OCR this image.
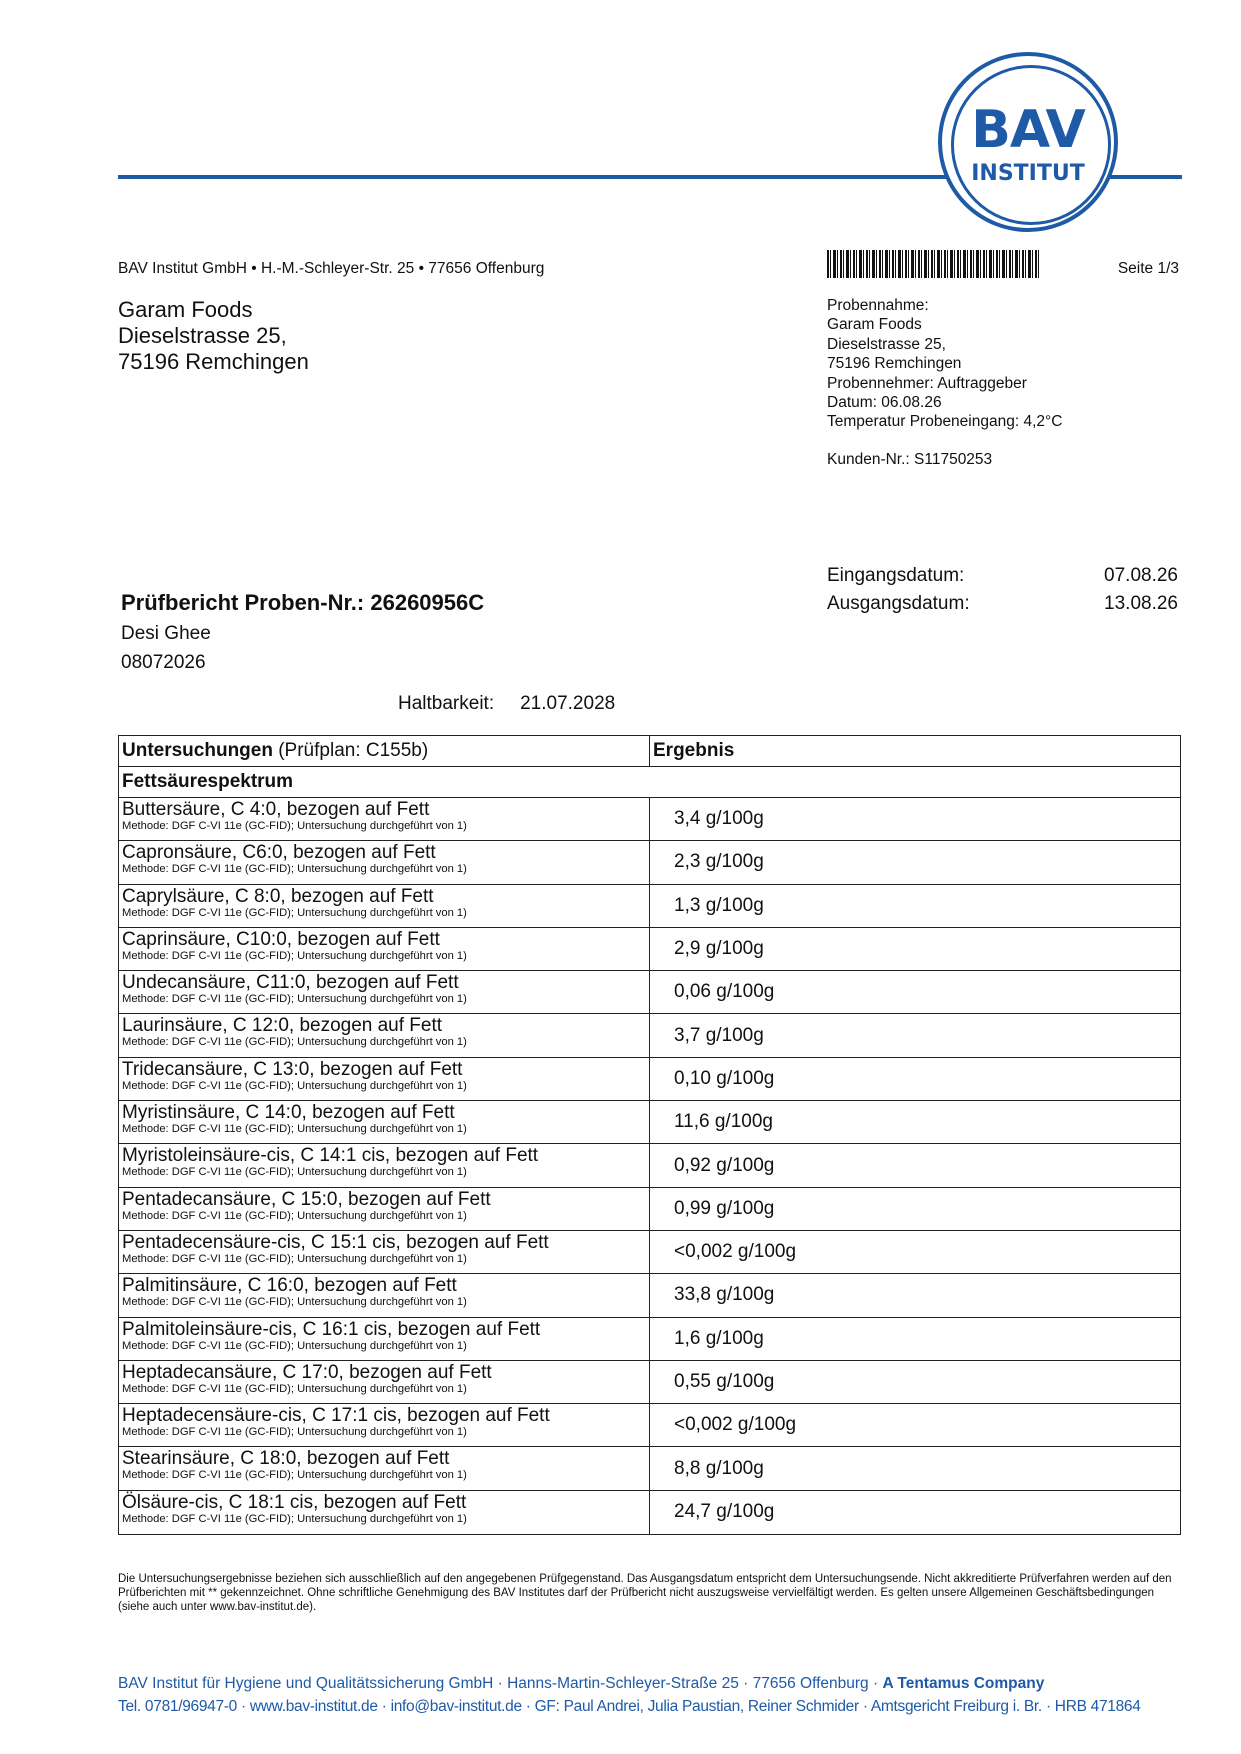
BAV
INSTITUT
BAV Institut GmbH • H.-M.-Schleyer-Str. 25 • 77656 Offenburg	Seite 1/3
Garam Foods
Dieselstrasse 25,
75196 Remchingen
Probennahme:
Garam Foods
Dieselstrasse 25,
75196 Remchingen
Probennehmer: Auftraggeber
Datum: 06.08.26
Temperatur Probeneingang: 4,2°C
Kunden-Nr.: S11750253
Eingangsdatum:	07.08.26
Ausgangsdatum:	13.08.26
Prüfbericht Proben-Nr.: 26260956C
Desi Ghee
08072026
Haltbarkeit: 21.07.2028
Untersuchungen (Prüfplan: C155b)	Ergebnis
Fettsäurespektrum
Buttersäure, C 4:0, bezogen auf Fett
Methode: DGF C-VI 11e (GC-FID); Untersuchung durchgeführt von 1)	3,4 g/100g
Capronsäure, C6:0, bezogen auf Fett
Methode: DGF C-VI 11e (GC-FID); Untersuchung durchgeführt von 1)	2,3 g/100g
Caprylsäure, C 8:0, bezogen auf Fett
Methode: DGF C-VI 11e (GC-FID); Untersuchung durchgeführt von 1)	1,3 g/100g
Caprinsäure, C10:0, bezogen auf Fett
Methode: DGF C-VI 11e (GC-FID); Untersuchung durchgeführt von 1)	2,9 g/100g
Undecansäure, C11:0, bezogen auf Fett
Methode: DGF C-VI 11e (GC-FID); Untersuchung durchgeführt von 1)	0,06 g/100g
Laurinsäure, C 12:0, bezogen auf Fett
Methode: DGF C-VI 11e (GC-FID); Untersuchung durchgeführt von 1)	3,7 g/100g
Tridecansäure, C 13:0, bezogen auf Fett
Methode: DGF C-VI 11e (GC-FID); Untersuchung durchgeführt von 1)	0,10 g/100g
Myristinsäure, C 14:0, bezogen auf Fett
Methode: DGF C-VI 11e (GC-FID); Untersuchung durchgeführt von 1)	11,6 g/100g
Myristoleinsäure-cis, C 14:1 cis, bezogen auf Fett
Methode: DGF C-VI 11e (GC-FID); Untersuchung durchgeführt von 1)	0,92 g/100g
Pentadecansäure, C 15:0, bezogen auf Fett
Methode: DGF C-VI 11e (GC-FID); Untersuchung durchgeführt von 1)	0,99 g/100g
Pentadecensäure-cis, C 15:1 cis, bezogen auf Fett
Methode: DGF C-VI 11e (GC-FID); Untersuchung durchgeführt von 1)	<0,002 g/100g
Palmitinsäure, C 16:0, bezogen auf Fett
Methode: DGF C-VI 11e (GC-FID); Untersuchung durchgeführt von 1)	33,8 g/100g
Palmitoleinsäure-cis, C 16:1 cis, bezogen auf Fett
Methode: DGF C-VI 11e (GC-FID); Untersuchung durchgeführt von 1)	1,6 g/100g
Heptadecansäure, C 17:0, bezogen auf Fett
Methode: DGF C-VI 11e (GC-FID); Untersuchung durchgeführt von 1)	0,55 g/100g
Heptadecensäure-cis, C 17:1 cis, bezogen auf Fett
Methode: DGF C-VI 11e (GC-FID); Untersuchung durchgeführt von 1)	<0,002 g/100g
Stearinsäure, C 18:0, bezogen auf Fett
Methode: DGF C-VI 11e (GC-FID); Untersuchung durchgeführt von 1)	8,8 g/100g
Ölsäure-cis, C 18:1 cis, bezogen auf Fett
Methode: DGF C-VI 11e (GC-FID); Untersuchung durchgeführt von 1)	24,7 g/100g
Die Untersuchungsergebnisse beziehen sich ausschließlich auf den angegebenen Prüfgegenstand. Das Ausgangsdatum entspricht dem Untersuchungsende. Nicht akkreditierte Prüfverfahren werden auf den Prüfberichten mit ** gekennzeichnet. Ohne schriftliche Genehmigung des BAV Institutes darf der Prüfbericht nicht auszugsweise vervielfältigt werden. Es gelten unsere Allgemeinen Geschäftsbedingungen (siehe auch unter www.bav-institut.de).
BAV Institut für Hygiene und Qualitätssicherung GmbH · Hanns-Martin-Schleyer-Straße 25 · 77656 Offenburg · A Tentamus Company
Tel. 0781/96947-0 · www.bav-institut.de · info@bav-institut.de · GF: Paul Andrei, Julia Paustian, Reiner Schmider · Amtsgericht Freiburg i. Br. · HRB 471864
